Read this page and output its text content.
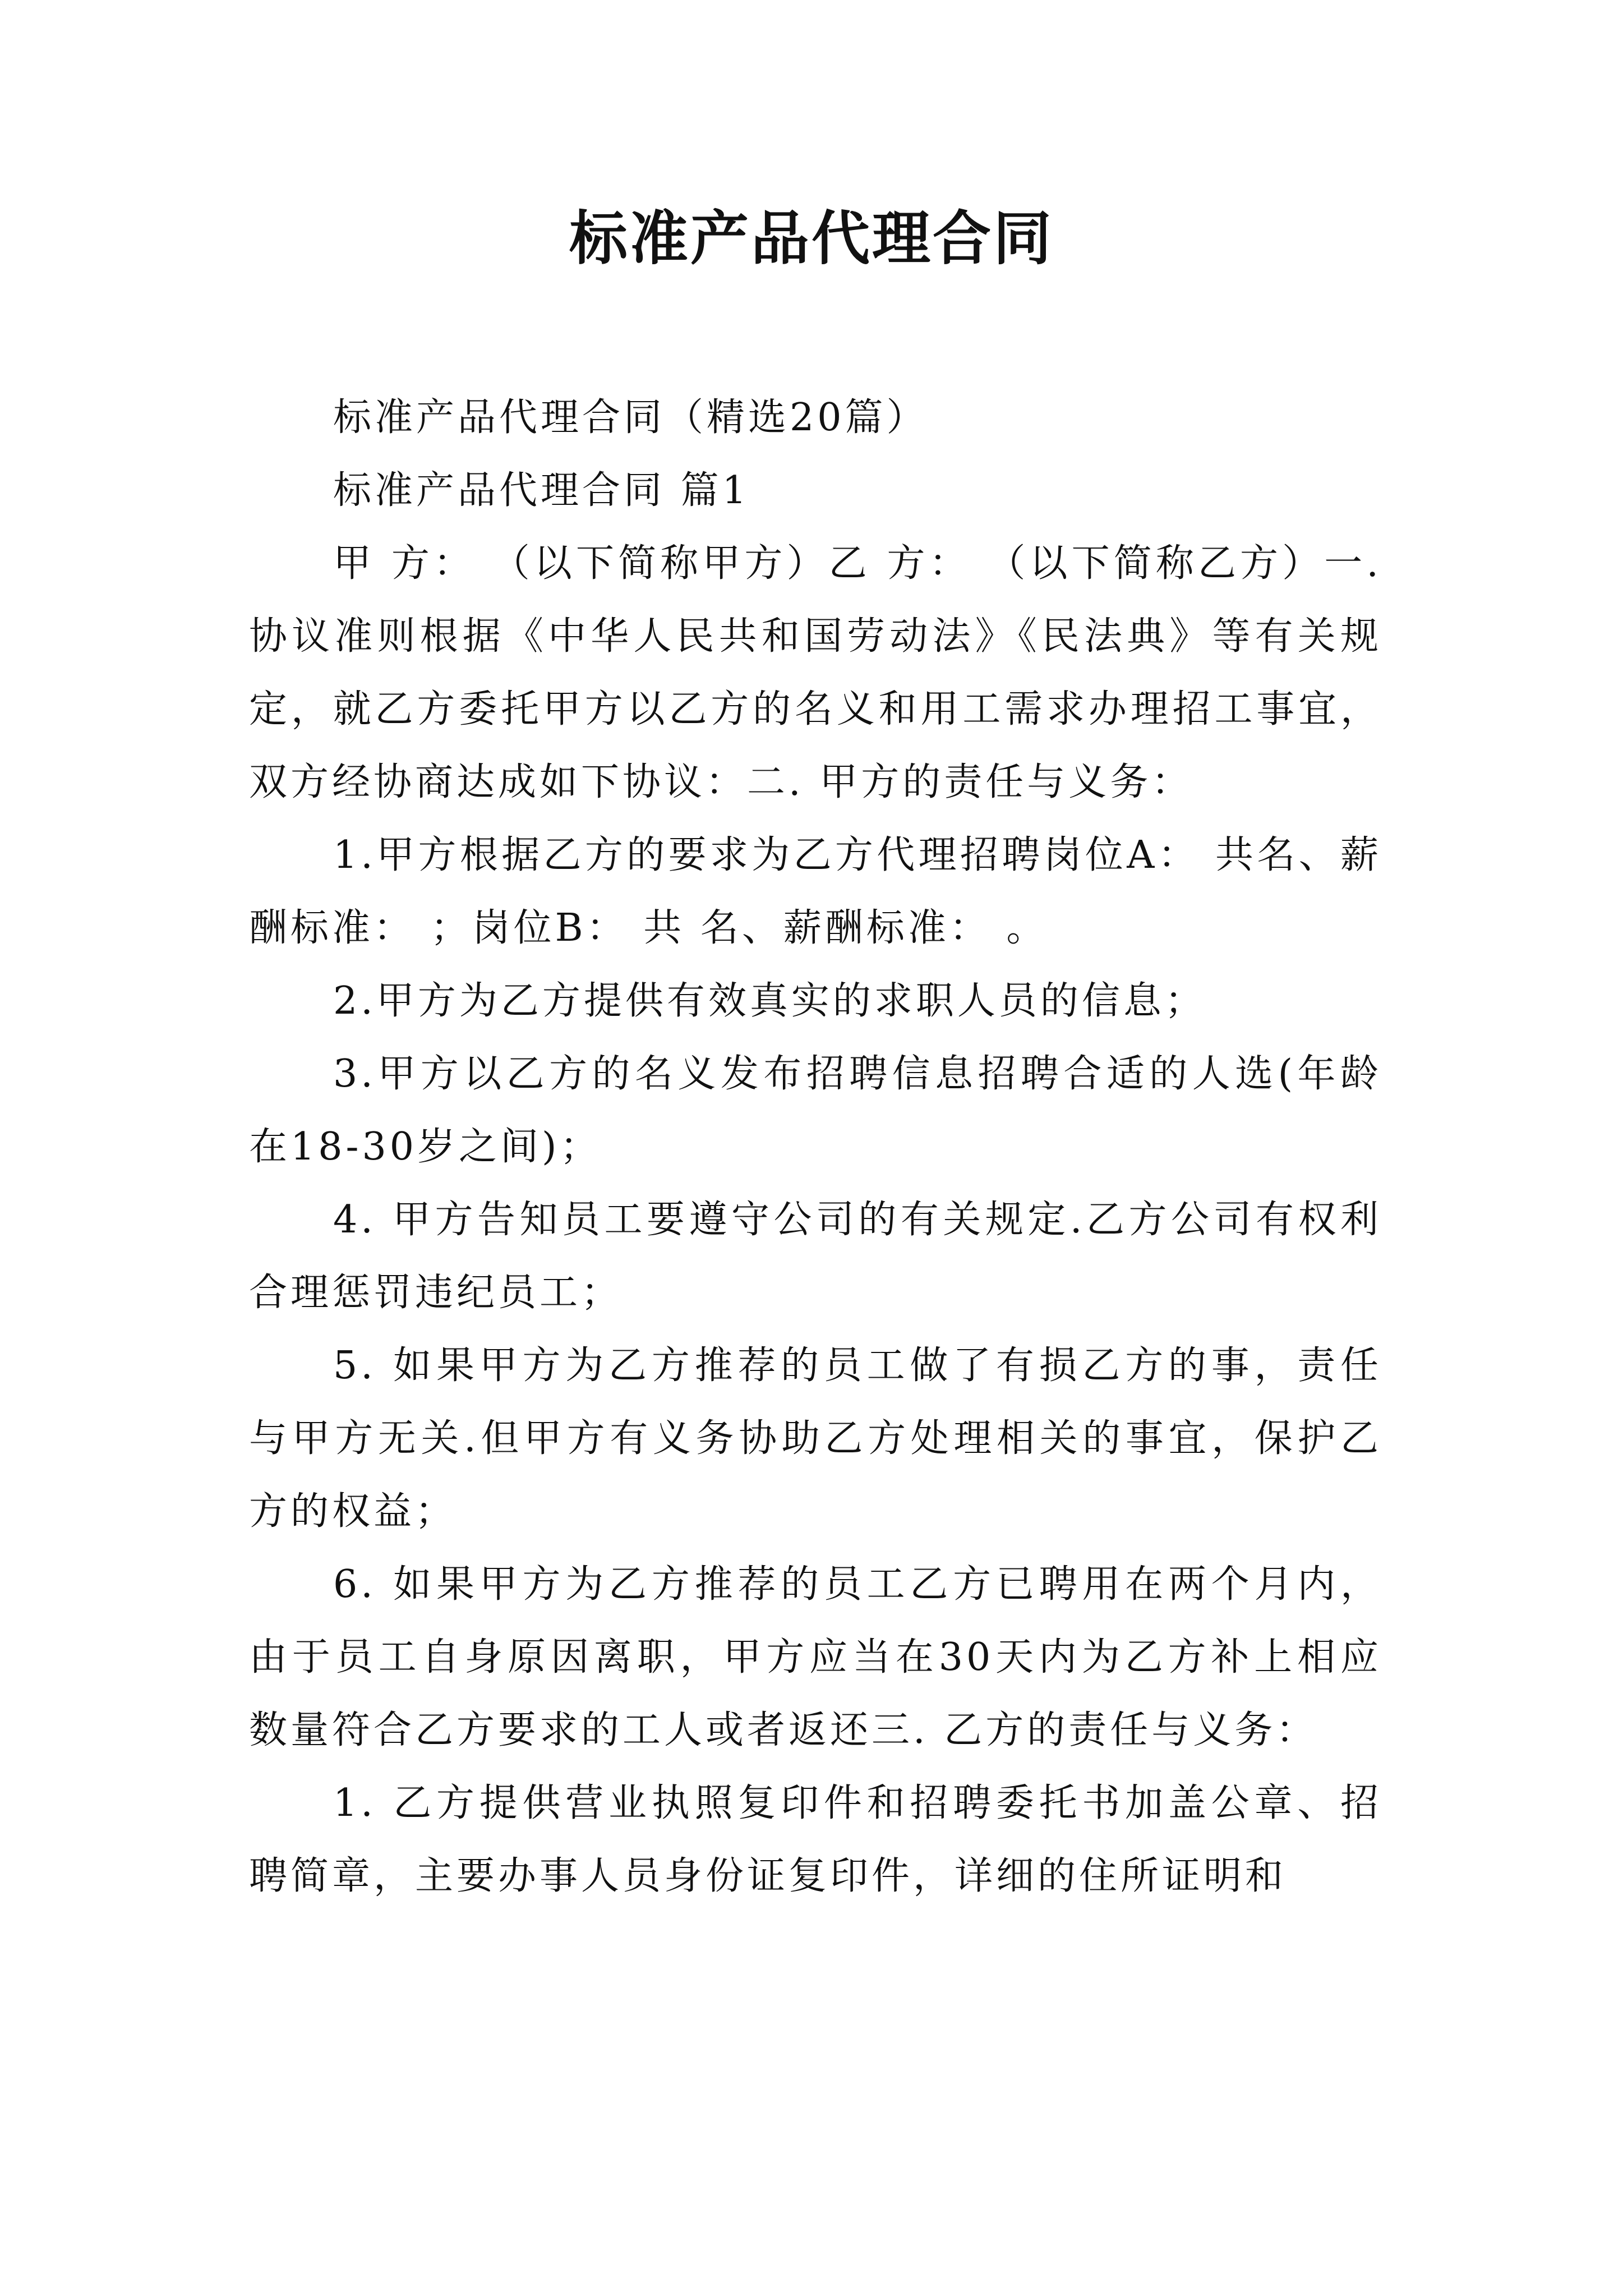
标准产品代理合同

标准产品代理合同（精选20篇）

标准产品代理合同 篇1

甲 方： （以下简称甲方）乙 方： （以下简称乙方）一. 协议准则根据《中华人民共和国劳动法》《民法典》等有关规定，就乙方委托甲方以乙方的名义和用工需求办理招工事宜，双方经协商达成如下协议：二. 甲方的责任与义务：

1.甲方根据乙方的要求为乙方代理招聘岗位A： 共名、薪酬标准： ；岗位B： 共 名、薪酬标准： 。

2.甲方为乙方提供有效真实的求职人员的信息；

3.甲方以乙方的名义发布招聘信息招聘合适的人选(年龄在18-30岁之间)；

4. 甲方告知员工要遵守公司的有关规定.乙方公司有权利合理惩罚违纪员工；

5. 如果甲方为乙方推荐的员工做了有损乙方的事，责任与甲方无关.但甲方有义务协助乙方处理相关的事宜，保护乙方的权益；

6. 如果甲方为乙方推荐的员工乙方已聘用在两个月内，由于员工自身原因离职，甲方应当在30天内为乙方补上相应数量符合乙方要求的工人或者返还三. 乙方的责任与义务：

1. 乙方提供营业执照复印件和招聘委托书加盖公章、招聘简章，主要办事人员身份证复印件，详细的住所证明和
